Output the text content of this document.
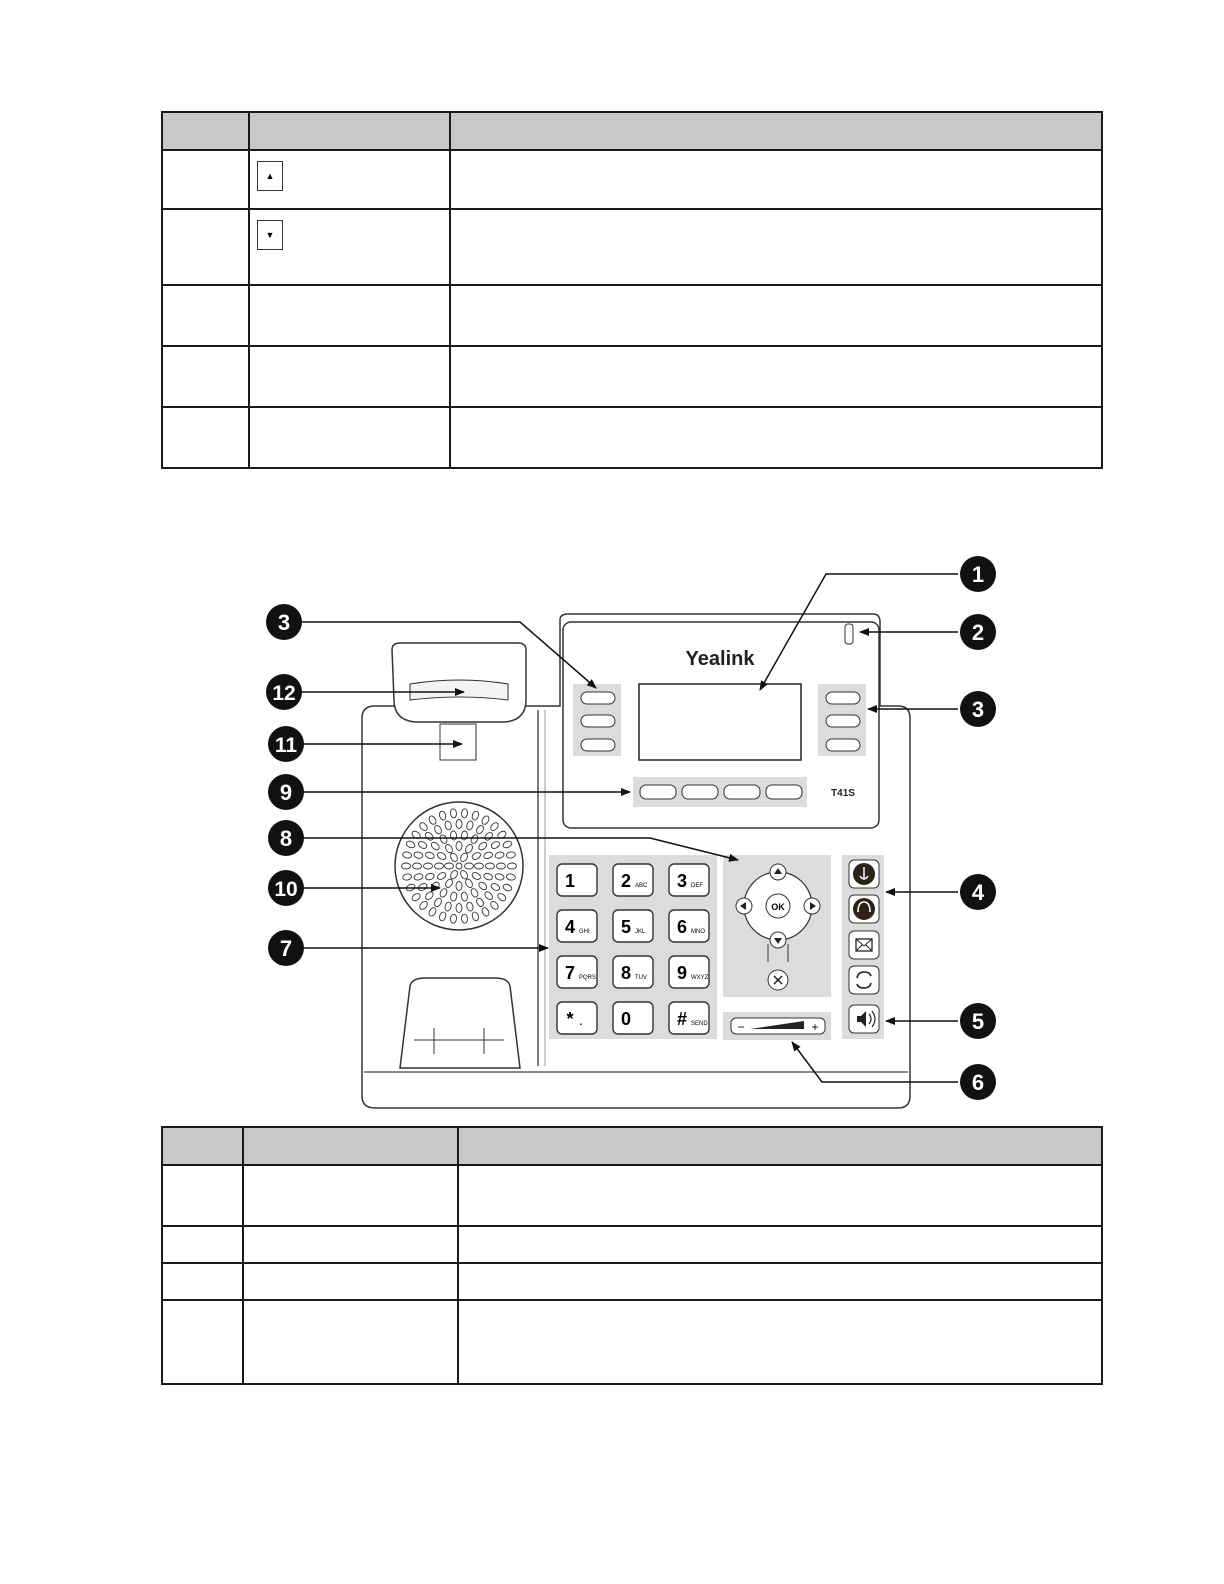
	▲	
	▼	

Yealink
T41S
1	2 ABC 3 DEF
4 GHI 5 JKL 6 MNO
7 PQRS 8 TUV 9 WXYZ
* . 0	# SEND
OK
−	+
1
2
3
3
4
5
6
7
8
9
10
11
12
